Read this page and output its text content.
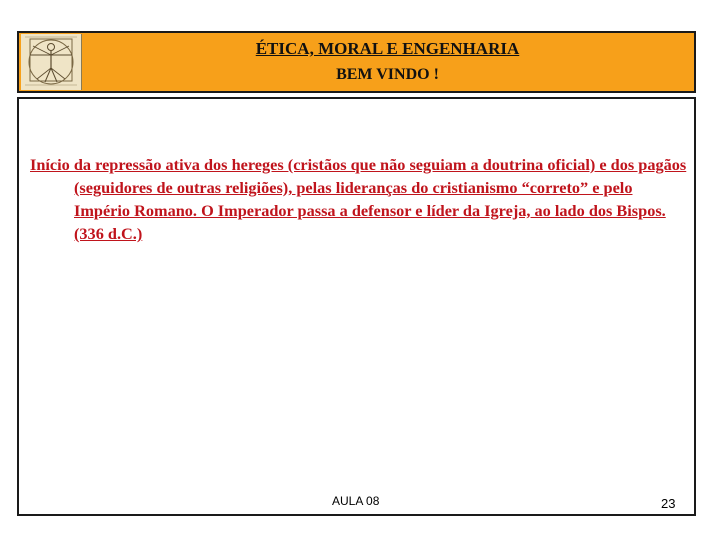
ÉTICA, MORAL E ENGENHARIA
BEM VINDO !

Início da repressão ativa dos hereges (cristãos que não seguiam a doutrina oficial) e dos pagãos (seguidores de outras religiões), pelas lideranças do cristianismo “correto” e pelo Império Romano. O Imperador passa a defensor e líder da Igreja, ao lado dos Bispos.(336 d.C.)

AULA 08	23
